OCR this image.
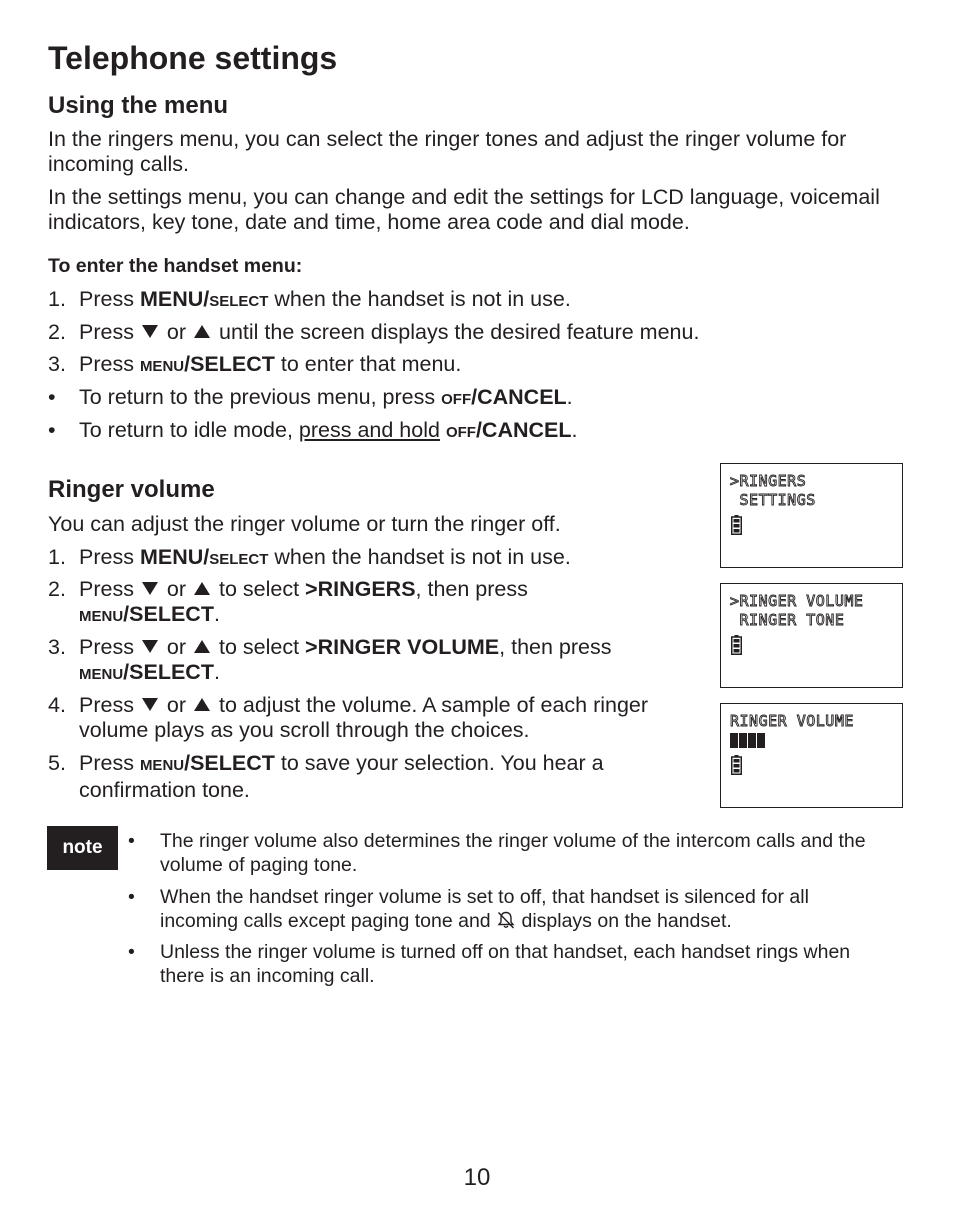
Telephone settings
Using the menu

In the ringers menu, you can select the ringer tones and adjust the ringer volume for incoming calls.

In the settings menu, you can change and edit the settings for LCD language, voicemail indicators, key tone, date and time, home area code and dial mode.

To enter the handset menu:
1. Press MENU/SELECT when the handset is not in use.
2. Press  or  until the screen displays the desired feature menu.
3. Press MENU/SELECT to enter that menu.
•	To return to the previous menu, press OFF/CANCEL.
•	To return to idle mode, press and hold OFF/CANCEL.
Ringer volume

You can adjust the ringer volume or turn the ringer off.

1. Press MENU/SELECT when the handset is not in use.
2. Press  or  to select >RINGERS, then press
MENU/SELECT.
3. Press  or  to select >RINGER VOLUME, then press
MENU/SELECT.
4. Press  or  to adjust the volume. A sample of each ringer
volume plays as you scroll through the choices.
5. Press MENU/SELECT to save your selection. You hear a
confirmation tone.
>RINGERS
SETTINGS
>RINGER VOLUME
RINGER TONE
RINGER VOLUME
note	• The ringer volume also determines the ringer volume of the intercom calls and the volume of paging tone.
• When the handset ringer volume is set to off, that handset is silenced for all incoming calls except paging tone and  displays on the handset.
• Unless the ringer volume is turned off on that handset, each handset rings when there is an incoming call.
10
